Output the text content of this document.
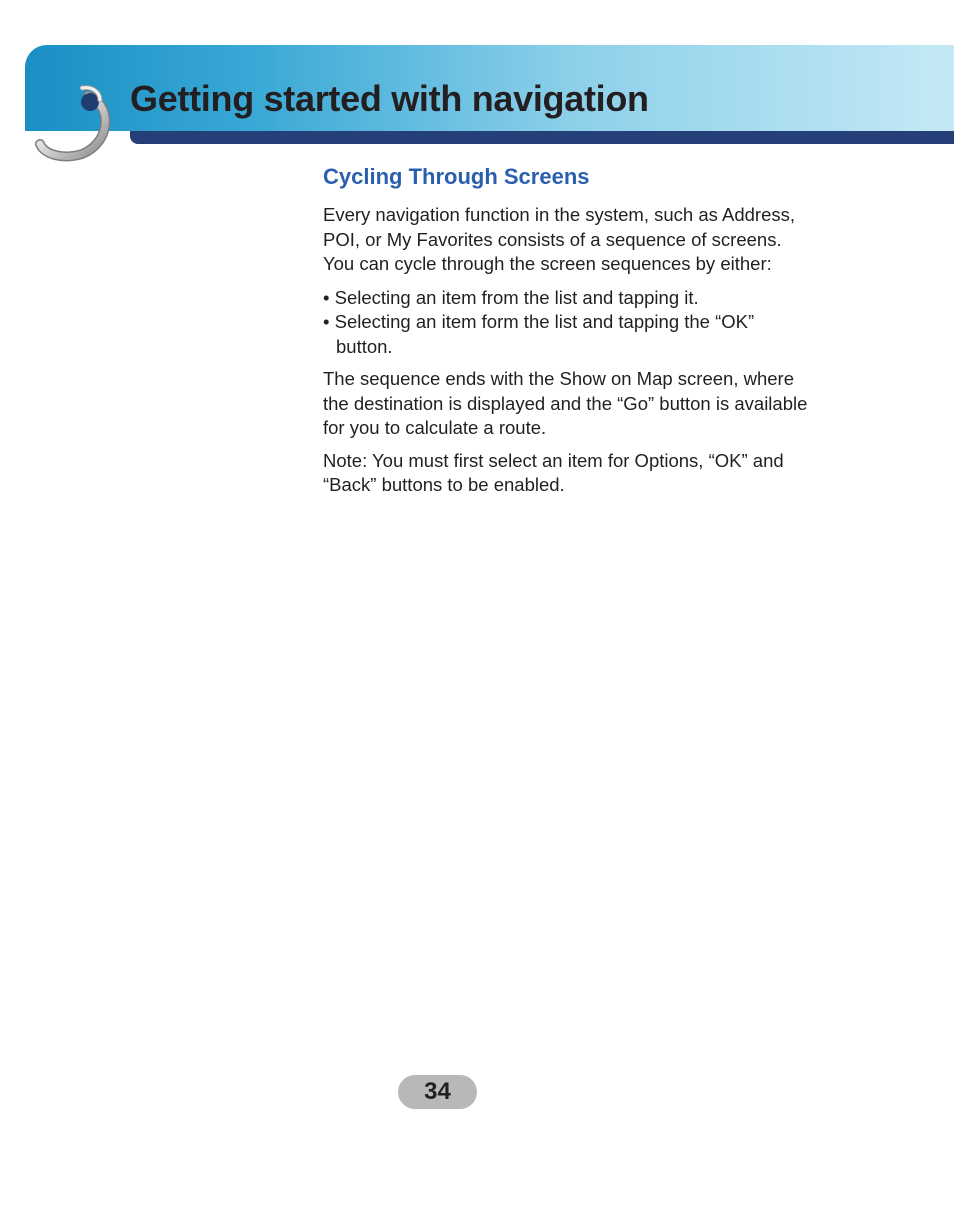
Getting started with navigation
Cycling Through Screens

Every navigation function in the system, such as Address, POI, or My Favorites consists of a sequence of screens.

You can cycle through the screen sequences by either:

• Selecting an item from the list and tapping it.

• Selecting an item form the list and tapping the “OK” button.

The sequence ends with the Show on Map screen, where the destination is displayed and the “Go” button is available for you to calculate a route.

Note: You must first select an item for Options, “OK” and “Back” buttons to be enabled.

34
